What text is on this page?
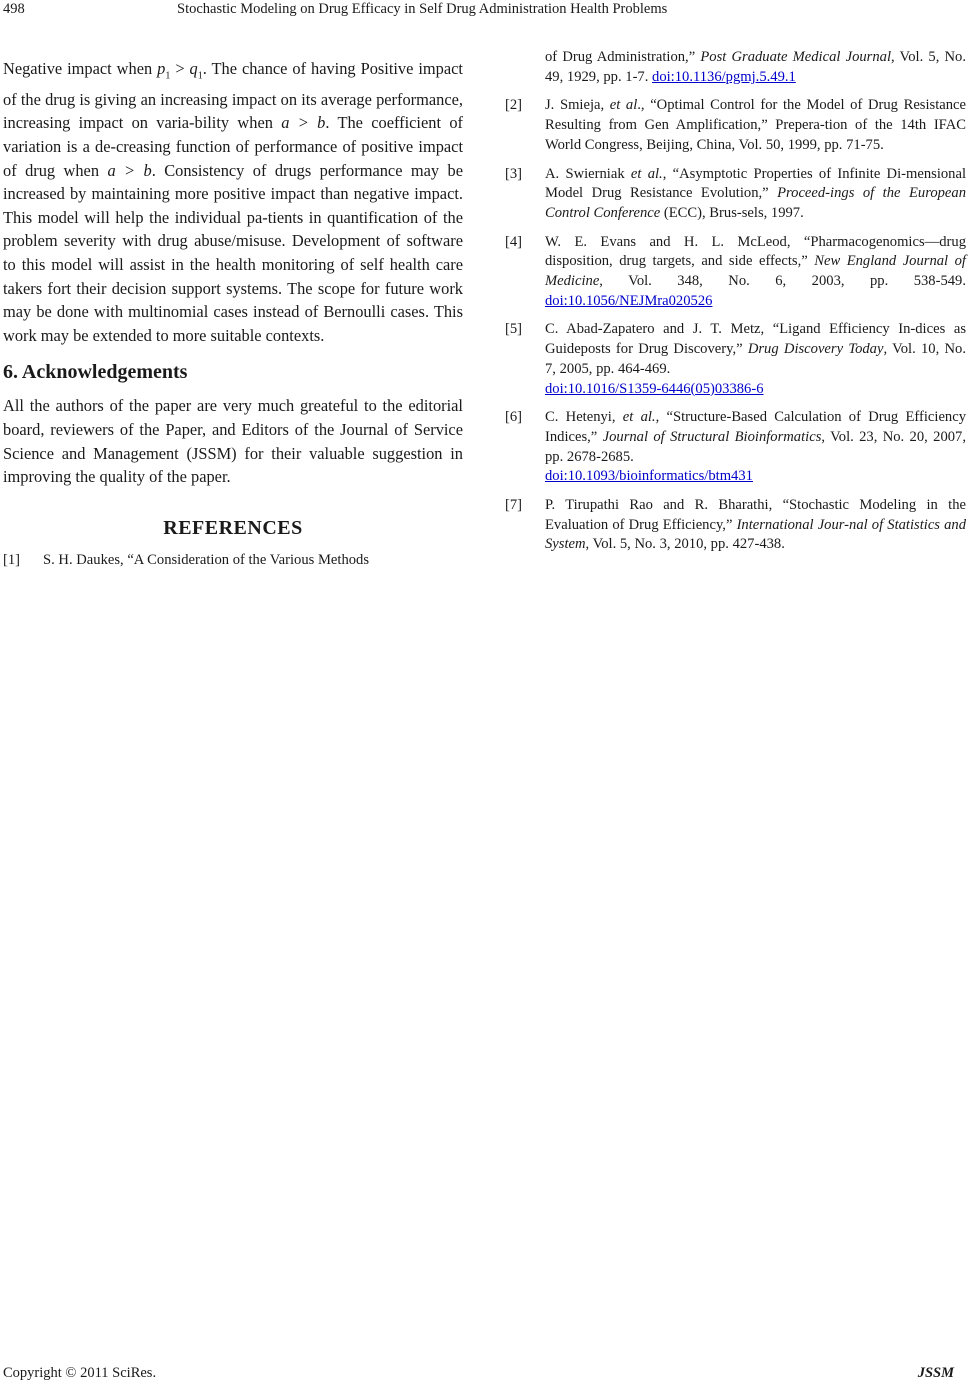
498	Stochastic Modeling on Drug Efficacy in Self Drug Administration Health Problems

Negative impact when $p_1 > q_1$. The chance of having Positive impact of the drug is giving an increasing impact on its average performance, increasing impact on varia-bility when a > b. The coefficient of variation is a de-creasing function of performance of positive impact of drug when a > b. Consistency of drugs performance may be increased by maintaining more positive impact than negative impact. This model will help the individual pa-tients in quantification of the problem severity with drug abuse/misuse. Development of software to this model will assist in the health monitoring of self health care takers fort their decision support systems. The scope for future work may be done with multinomial cases instead of Bernoulli cases. This work may be extended to more suitable contexts.

6. Acknowledgements

All the authors of the paper are very much greateful to the editorial board, reviewers of the Paper, and Editors of the Journal of Service Science and Management (JSSM) for their valuable suggestion in improving the quality of the paper.

REFERENCES
[1] S. H. Daukes, “A Consideration of the Various Methods
of Drug Administration,” Post Graduate Medical Journal, Vol. 5, No. 49, 1929, pp. 1-7. doi:10.1136/pgmj.5.49.1
[2] J. Smieja, et al., “Optimal Control for the Model of Drug Resistance Resulting from Gen Amplification,” Prepera-tion of the 14th IFAC World Congress, Beijing, China, Vol. 50, 1999, pp. 71-75.
[3] A. Swierniak et al., “Asymptotic Properties of Infinite Di-mensional Model Drug Resistance Evolution,” Proceed-ings of the European Control Conference (ECC), Brus-sels, 1997.
[4] W. E. Evans and H. L. McLeod, “Pharmacogenomics—drug disposition, drug targets, and side effects,” New England Journal of Medicine, Vol. 348, No. 6, 2003, pp. 538-549. doi:10.1056/NEJMra020526
[5] C. Abad-Zapatero and J. T. Metz, “Ligand Efficiency In-dices as Guideposts for Drug Discovery,” Drug Discovery Today, Vol. 10, No. 7, 2005, pp. 464-469.
doi:10.1016/S1359-6446(05)03386-6
[6] C. Hetenyi, et al., “Structure-Based Calculation of Drug Efficiency Indices,” Journal of Structural Bioinformatics, Vol. 23, No. 20, 2007, pp. 2678-2685.
doi:10.1093/bioinformatics/btm431
[7] P. Tirupathi Rao and R. Bharathi, “Stochastic Modeling in the Evaluation of Drug Efficiency,” International Jour-nal of Statistics and System, Vol. 5, No. 3, 2010, pp. 427-438.
Copyright © 2011 SciRes.	JSSM
